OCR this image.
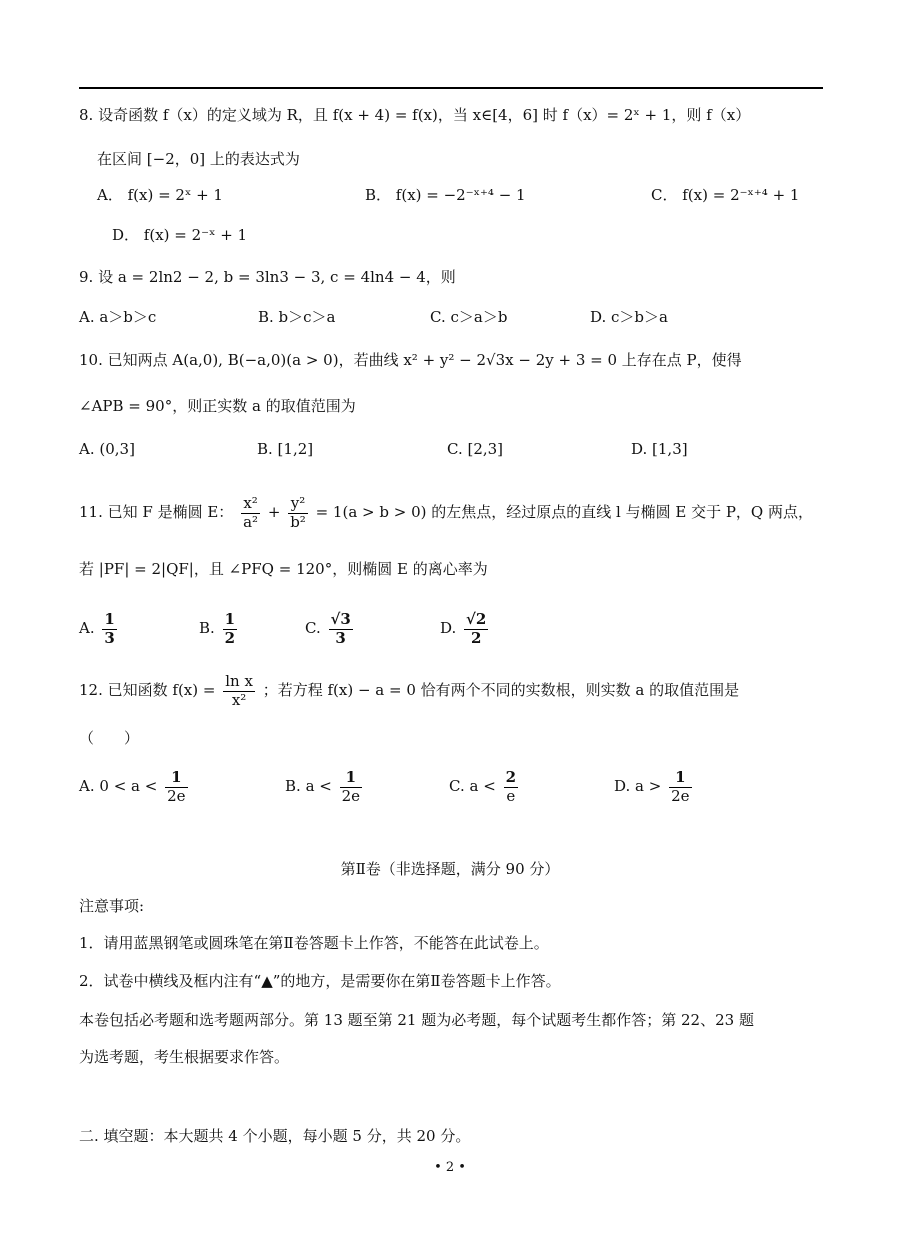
8. 设奇函数 f（x）的定义域为 R，且 f(x + 4) = f(x)，当 x∈[4，6] 时 f（x）= 2ˣ + 1，则 f（x）
在区间 [−2，0] 上的表达式为
A． f(x) = 2ˣ + 1	B． f(x) = −2⁻ˣ⁺⁴ − 1	C． f(x) = 2⁻ˣ⁺⁴ + 1
D． f(x) = 2⁻ˣ + 1
9. 设 a = 2ln2 − 2, b = 3ln3 − 3, c = 4ln4 − 4，则
A. a＞b＞c	B. b＞c＞a	C. c＞a＞b	D. c＞b＞a
10. 已知两点 A(a,0), B(−a,0)(a > 0)，若曲线 x² + y² − 2√3x − 2y + 3 = 0 上存在点 P，使得
∠APB = 90°，则正实数 a 的取值范围为
A. (0,3]	B. [1,2]	C. [2,3]	D. [1,3]
11. 已知 F 是椭圆 E： $\frac{\text{x²}}{\text{a²}} + \frac{\text{y²}}{\text{b²}} = 1(a > b > 0)$ 的左焦点，经过原点的直线 l 与椭圆 E 交于 P，Q 两点，
若 |PF| = 2|QF|，且 ∠PFQ = 120°，则椭圆 E 的离心率为
A. $\frac{1}{3}$	B. $\frac{1}{2}$	C. $\frac{√3}{3}$	D. $\frac{√2}{2}$
12. 已知函数 $f(x) = \frac{\text{ln x}}{\text{x²}}$ ；若方程 f(x) − a = 0 恰有两个不同的实数根，则实数 a 的取值范围是
（　　）
A. $0 < a < \frac{1}{2e}$	B. $a < \frac{1}{2e}$	C. $a < \frac{2}{e}$	D. $a > \frac{1}{2e}$
第Ⅱ卷（非选择题，满分 90 分）
注意事项:
1．请用蓝黑钢笔或圆珠笔在第Ⅱ卷答题卡上作答，不能答在此试卷上。
2．试卷中横线及框内注有“▲”的地方，是需要你在第Ⅱ卷答题卡上作答。
本卷包括必考题和选考题两部分。第 13 题至第 21 题为必考题，每个试题考生都作答；第 22、23 题
为选考题，考生根据要求作答。
二. 填空题：本大题共 4 个小题，每小题 5 分，共 20 分。
• 2 •
